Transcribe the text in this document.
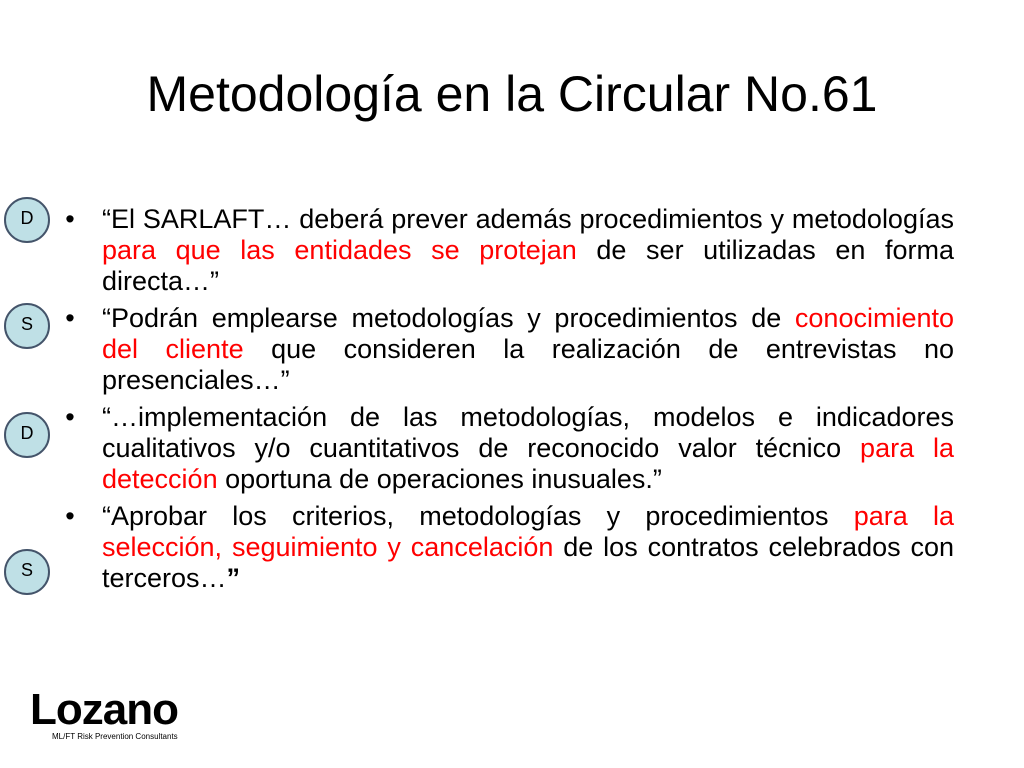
Metodología en la Circular No.61
D
S
D
S
• “El SARLAFT… deberá prever además procedimientos y metodologías para que las entidades se protejan de ser utilizadas en forma directa…”
• “Podrán emplearse metodologías y procedimientos de conocimiento del cliente que consideren la realización de entrevistas no presenciales…”
• “…implementación de las metodologías, modelos e indicadores cualitativos y/o cuantitativos de reconocido valor técnico para la detección oportuna de operaciones inusuales.”
• “Aprobar los criterios, metodologías y procedimientos para la selección, seguimiento y cancelación de los contratos celebrados con terceros…”
Lozano
ML/FT Risk Prevention Consultants
